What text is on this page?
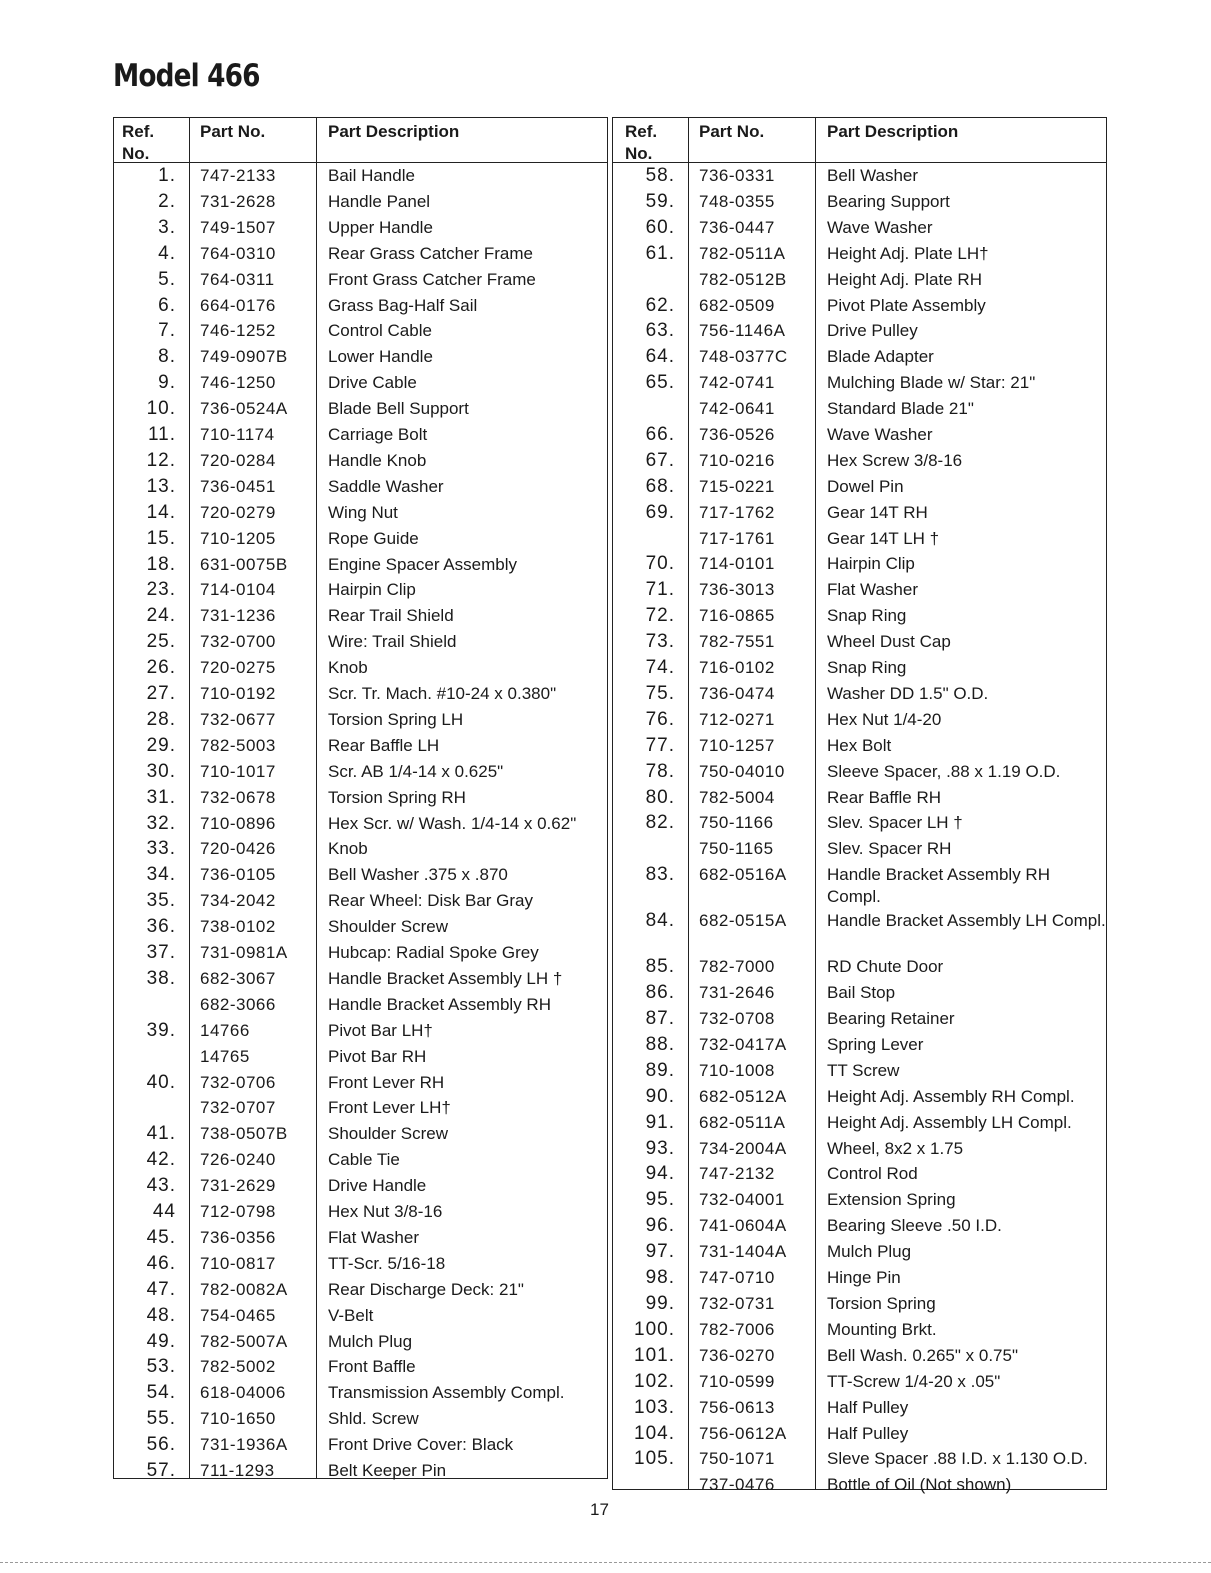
Model 466
Ref.
No.
Part No.	Part Description
1. 747-2133	Bail Handle
2. 731-2628	Handle Panel
3. 749-1507	Upper Handle
4. 764-0310	Rear Grass Catcher Frame
5. 764-0311	Front Grass Catcher Frame
6. 664-0176	Grass Bag-Half Sail
7. 746-1252	Control Cable
8. 749-0907B Lower Handle
9. 746-1250	Drive Cable
10. 736-0524A Blade Bell Support
11. 710-1174	Carriage Bolt
12. 720-0284	Handle Knob
13. 736-0451	Saddle Washer
14. 720-0279	Wing Nut
15. 710-1205	Rope Guide
18. 631-0075B Engine Spacer Assembly
23. 714-0104	Hairpin Clip
24. 731-1236	Rear Trail Shield
25. 732-0700	Wire: Trail Shield
26. 720-0275	Knob
27. 710-0192	Scr. Tr. Mach. #10-24 x 0.380"
28. 732-0677	Torsion Spring LH
29. 782-5003	Rear Baffle LH
30. 710-1017	Scr. AB 1/4-14 x 0.625"
31. 732-0678	Torsion Spring RH
32. 710-0896	Hex Scr. w/ Wash. 1/4-14 x 0.62"
33. 720-0426	Knob
34. 736-0105	Bell Washer .375 x .870
35. 734-2042	Rear Wheel: Disk Bar Gray
36. 738-0102	Shoulder Screw
37. 731-0981A Hubcap: Radial Spoke Grey
38. 682-3067	Handle Bracket Assembly LH †
682-3066	Handle Bracket Assembly RH
39. 14766	Pivot Bar LH†
14765	Pivot Bar RH
40. 732-0706	Front Lever RH
732-0707	Front Lever LH†
41. 738-0507B Shoulder Screw
42. 726-0240	Cable Tie
43. 731-2629	Drive Handle
44 712-0798	Hex Nut 3/8-16
45. 736-0356	Flat Washer
46. 710-0817	TT-Scr. 5/16-18
47. 782-0082A Rear Discharge Deck: 21"
48. 754-0465	V-Belt
49. 782-5007A Mulch Plug
53. 782-5002	Front Baffle
54. 618-04006 Transmission Assembly Compl.
55. 710-1650	Shld. Screw
56. 731-1936A Front Drive Cover: Black
57. 711-1293	Belt Keeper Pin
Ref.
No.
Part No.	Part Description
58. 736-0331	Bell Washer
59. 748-0355	Bearing Support
60. 736-0447	Wave Washer
61. 782-0511A Height Adj. Plate LH†
782-0512B Height Adj. Plate RH
62. 682-0509	Pivot Plate Assembly
63. 756-1146A Drive Pulley
64. 748-0377C Blade Adapter
65. 742-0741	Mulching Blade w/ Star: 21"
742-0641	Standard Blade 21"
66. 736-0526	Wave Washer
67. 710-0216	Hex Screw 3/8-16
68. 715-0221	Dowel Pin
69. 717-1762	Gear 14T RH
717-1761	Gear 14T LH †
70. 714-0101	Hairpin Clip
71. 736-3013	Flat Washer
72. 716-0865	Snap Ring
73. 782-7551	Wheel Dust Cap
74. 716-0102	Snap Ring
75. 736-0474	Washer DD 1.5" O.D.
76. 712-0271	Hex Nut 1/4-20
77. 710-1257	Hex Bolt
78. 750-04010 Sleeve Spacer, .88 x 1.19 O.D.
80. 782-5004	Rear Baffle RH
82. 750-1166	Slev. Spacer LH †
750-1165	Slev. Spacer RH
83. 682-0516A Handle Bracket Assembly RH Compl.
84. 682-0515A Handle Bracket Assembly LH Compl.
85. 782-7000	RD Chute Door
86. 731-2646	Bail Stop
87. 732-0708	Bearing Retainer
88. 732-0417A Spring Lever
89. 710-1008	TT Screw
90. 682-0512A Height Adj. Assembly RH Compl.
91. 682-0511A Height Adj. Assembly LH Compl.
93. 734-2004A Wheel, 8x2 x 1.75
94. 747-2132	Control Rod
95. 732-04001 Extension Spring
96. 741-0604A Bearing Sleeve .50 I.D.
97. 731-1404A Mulch Plug
98. 747-0710	Hinge Pin
99. 732-0731	Torsion Spring
100. 782-7006	Mounting Brkt.
101. 736-0270	Bell Wash. 0.265" x 0.75"
102. 710-0599	TT-Screw 1/4-20 x .05"
103. 756-0613	Half Pulley
104. 756-0612A Half Pulley
105. 750-1071	Sleve Spacer .88 I.D. x 1.130 O.D.
737-0476	Bottle of Oil (Not shown)
17
